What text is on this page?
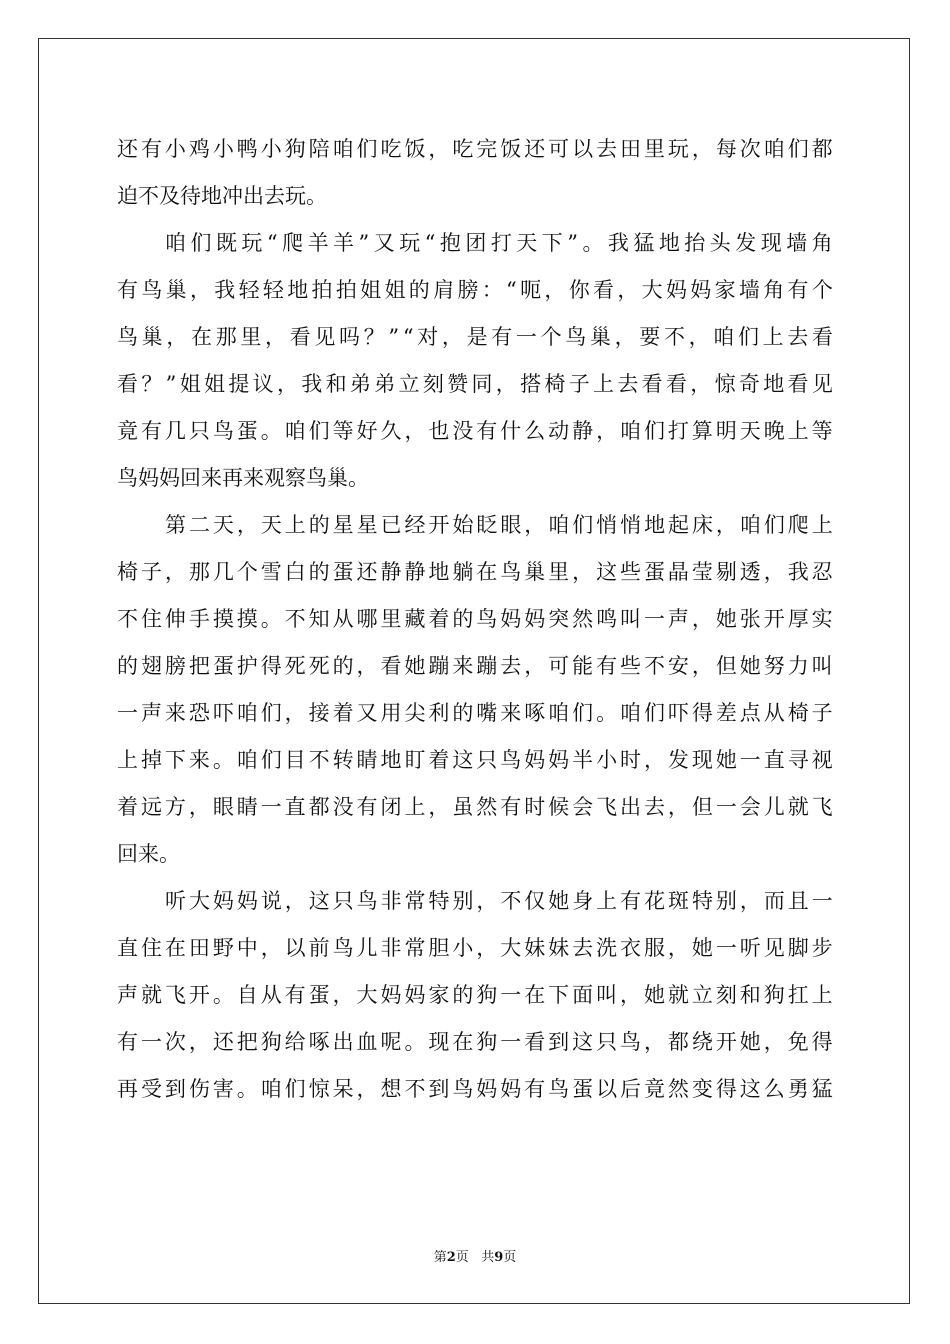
还 有 小 鸡 小 鸭 小 狗 陪 咱 们 吃 饭 ， 吃 完 饭 还 可 以 去 田 里 玩 ， 每 次 咱 们 都
迫不及待地冲出去玩。
咱 们 既 玩 “ 爬 羊 羊 ” 又 玩 “ 抱 团 打 天 下 ” 。 我 猛 地 抬 头 发 现 墙 角
有 鸟 巢 ， 我 轻 轻 地 拍 拍 姐 姐 的 肩 膀 ： “ 呃 ， 你 看 ， 大 妈 妈 家 墙 角 有 个
鸟 巢 ， 在 那 里 ， 看 见 吗 ？ ” “ 对 ， 是 有 一 个 鸟 巢 ， 要 不 ， 咱 们 上 去 看
看 ？ ” 姐 姐 提 议 ， 我 和 弟 弟 立 刻 赞 同 ， 搭 椅 子 上 去 看 看 ， 惊 奇 地 看 见
竟 有 几 只 鸟 蛋 。 咱 们 等 好 久 ， 也 没 有 什 么 动 静 ， 咱 们 打 算 明 天 晚 上 等
鸟妈妈回来再来观察鸟巢。
第 二 天 ， 天 上 的 星 星 已 经 开 始 眨 眼 ， 咱 们 悄 悄 地 起 床 ， 咱 们 爬 上
椅 子 ， 那 几 个 雪 白 的 蛋 还 静 静 地 躺 在 鸟 巢 里 ， 这 些 蛋 晶 莹 剔 透 ， 我 忍
不 住 伸 手 摸 摸 。 不 知 从 哪 里 藏 着 的 鸟 妈 妈 突 然 鸣 叫 一 声 ， 她 张 开 厚 实
的 翅 膀 把 蛋 护 得 死 死 的 ， 看 她 蹦 来 蹦 去 ， 可 能 有 些 不 安 ， 但 她 努 力 叫
一 声 来 恐 吓 咱 们 ， 接 着 又 用 尖 利 的 嘴 来 啄 咱 们 。 咱 们 吓 得 差 点 从 椅 子
上 掉 下 来 。 咱 们 目 不 转 睛 地 盯 着 这 只 鸟 妈 妈 半 小 时 ， 发 现 她 一 直 寻 视
着 远 方 ， 眼 睛 一 直 都 没 有 闭 上 ， 虽 然 有 时 候 会 飞 出 去 ， 但 一 会 儿 就 飞
回来。
听 大 妈 妈 说 ， 这 只 鸟 非 常 特 别 ， 不 仅 她 身 上 有 花 斑 特 别 ， 而 且 一
直 住 在 田 野 中 ， 以 前 鸟 儿 非 常 胆 小 ， 大 妹 妹 去 洗 衣 服 ， 她 一 听 见 脚 步
声 就 飞 开 。 自 从 有 蛋 ， 大 妈 妈 家 的 狗 一 在 下 面 叫 ， 她 就 立 刻 和 狗 扛 上
有 一 次 ， 还 把 狗 给 啄 出 血 呢 。 现 在 狗 一 看 到 这 只 鸟 ， 都 绕 开 她 ， 免 得
再 受 到 伤 害 。 咱 们 惊 呆 ， 想 不 到 鸟 妈 妈 有 鸟 蛋 以 后 竟 然 变 得 这 么 勇 猛
第2页 共9页
